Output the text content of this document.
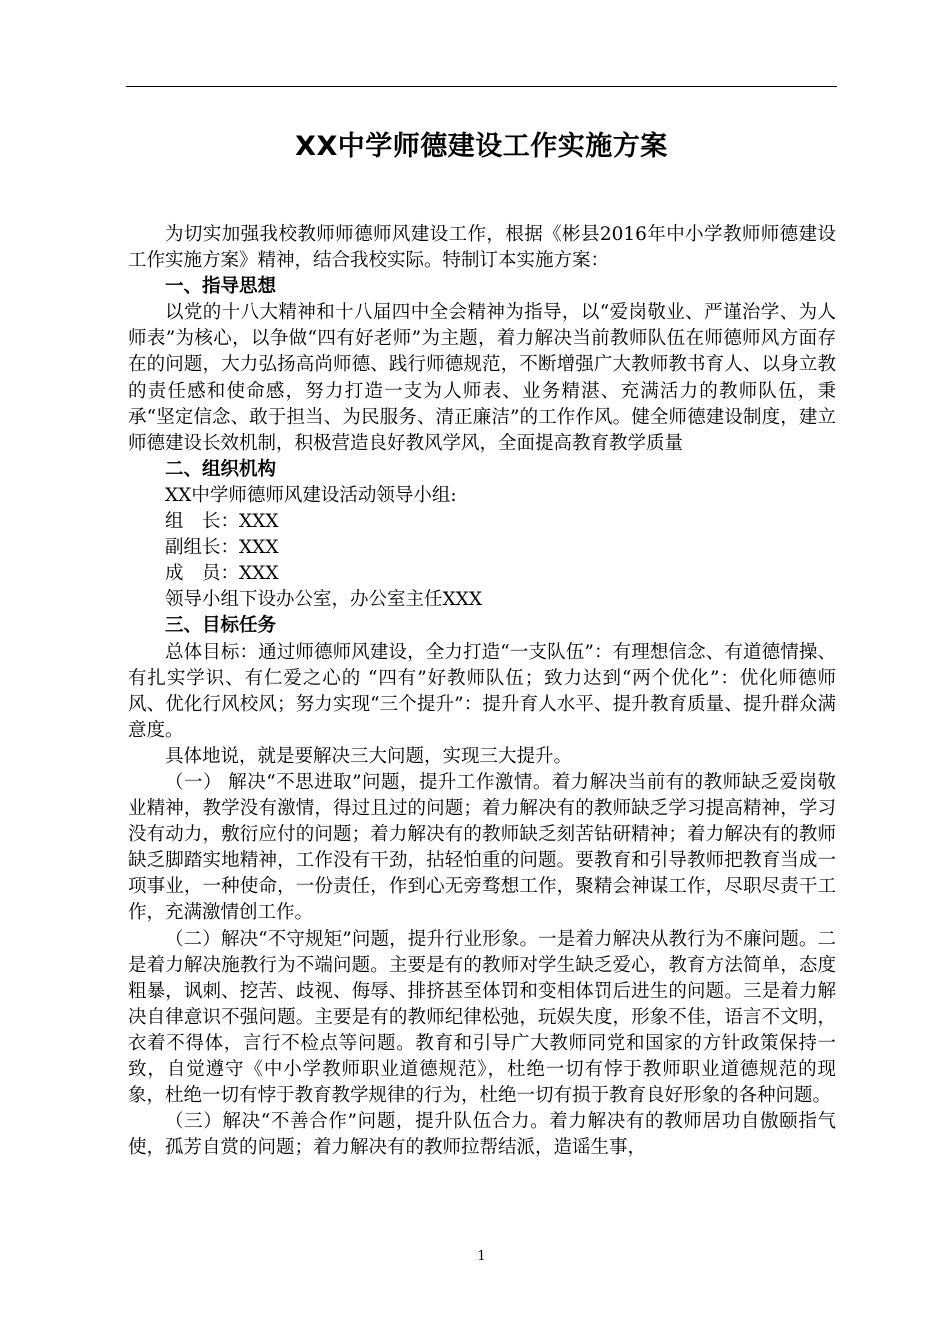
XX中学师德建设工作实施方案

为切实加强我校教师师德师风建设工作，根据《彬县2016年中小学教师师德建设工作实施方案》精神，结合我校实际。特制订本实施方案：

一、指导思想

以党的十八大精神和十八届四中全会精神为指导，以“爱岗敬业、严谨治学、为人师表”为核心，以争做“四有好老师”为主题，着力解决当前教师队伍在师德师风方面存在的问题，大力弘扬高尚师德、践行师德规范，不断增强广大教师教书育人、以身立教的责任感和使命感，努力打造一支为人师表、业务精湛、充满活力的教师队伍，秉承“坚定信念、敢于担当、为民服务、清正廉洁”的工作作风。健全师德建设制度，建立师德建设长效机制，积极营造良好教风学风，全面提高教育教学质量

二、组织机构

XX中学师德师风建设活动领导小组:

组　长：XXX

副组长：XXX

成　员：XXX

领导小组下设办公室，办公室主任XXX

三、目标任务

总体目标：通过师德师风建设，全力打造“一支队伍”：有理想信念、有道德情操、有扎实学识、有仁爱之心的 “四有”好教师队伍；致力达到“两个优化”：优化师德师风、优化行风校风；努力实现“三个提升”：提升育人水平、提升教育质量、提升群众满意度。

具体地说，就是要解决三大问题，实现三大提升。

（一） 解决“不思进取”问题，提升工作激情。着力解决当前有的教师缺乏爱岗敬业精神，教学没有激情，得过且过的问题；着力解决有的教师缺乏学习提高精神，学习没有动力，敷衍应付的问题；着力解决有的教师缺乏刻苦钻研精神；着力解决有的教师缺乏脚踏实地精神，工作没有干劲，拈轻怕重的问题。要教育和引导教师把教育当成一项事业，一种使命，一份责任，作到心无旁骛想工作，聚精会神谋工作，尽职尽责干工作，充满激情创工作。

（二）解决“不守规矩”问题，提升行业形象。一是着力解决从教行为不廉问题。二是着力解决施教行为不端问题。主要是有的教师对学生缺乏爱心，教育方法简单，态度粗暴，讽刺、挖苦、歧视、侮辱、排挤甚至体罚和变相体罚后进生的问题。三是着力解决自律意识不强问题。主要是有的教师纪律松弛，玩娱失度，形象不佳，语言不文明，衣着不得体，言行不检点等问题。教育和引导广大教师同党和国家的方针政策保持一致，自觉遵守《中小学教师职业道德规范》，杜绝一切有悖于教师职业道德规范的现象，杜绝一切有悖于教育教学规律的行为，杜绝一切有损于教育良好形象的各种问题。

（三）解决“不善合作”问题，提升队伍合力。着力解决有的教师居功自傲颐指气使，孤芳自赏的问题；着力解决有的教师拉帮结派，造谣生事，

1
